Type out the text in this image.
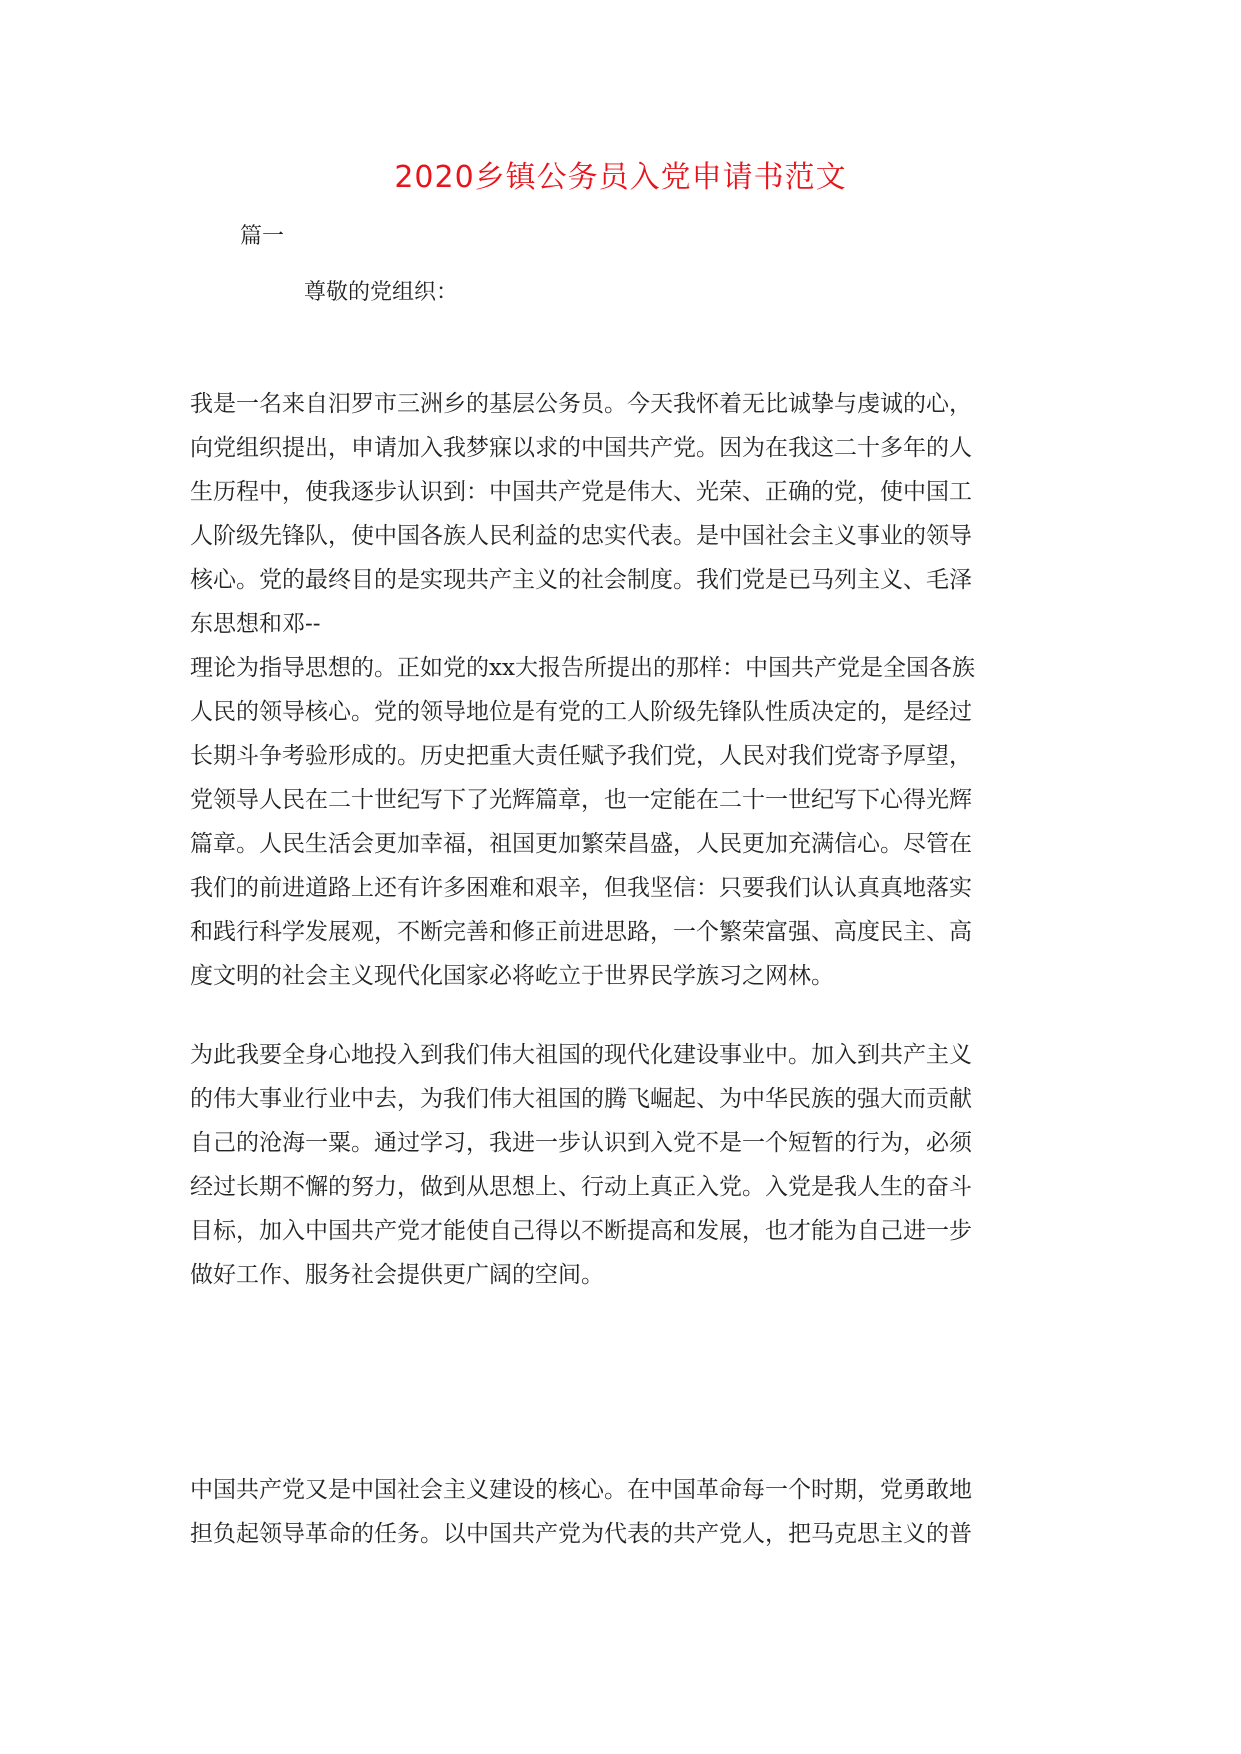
2020乡镇公务员入党申请书范文
篇一
尊敬的党组织：
我是一名来自汨罗市三洲乡的基层公务员。今天我怀着无比诚挚与虔诚的心，
向党组织提出，申请加入我梦寐以求的中国共产党。因为在我这二十多年的人
生历程中，使我逐步认识到：中国共产党是伟大、光荣、正确的党，使中国工
人阶级先锋队，使中国各族人民利益的忠实代表。是中国社会主义事业的领导
核心。党的最终目的是实现共产主义的社会制度。我们党是已马列主义、毛泽
东思想和邓--
理论为指导思想的。正如党的xx大报告所提出的那样：中国共产党是全国各族
人民的领导核心。党的领导地位是有党的工人阶级先锋队性质决定的，是经过
长期斗争考验形成的。历史把重大责任赋予我们党，人民对我们党寄予厚望，
党领导人民在二十世纪写下了光辉篇章，也一定能在二十一世纪写下心得光辉
篇章。人民生活会更加幸福，祖国更加繁荣昌盛，人民更加充满信心。尽管在
我们的前进道路上还有许多困难和艰辛，但我坚信：只要我们认认真真地落实
和践行科学发展观，不断完善和修正前进思路，一个繁荣富强、高度民主、高
度文明的社会主义现代化国家必将屹立于世界民学族习之网林。
为此我要全身心地投入到我们伟大祖国的现代化建设事业中。加入到共产主义
的伟大事业行业中去，为我们伟大祖国的腾飞崛起、为中华民族的强大而贡献
自己的沧海一粟。通过学习，我进一步认识到入党不是一个短暂的行为，必须
经过长期不懈的努力，做到从思想上、行动上真正入党。入党是我人生的奋斗
目标，加入中国共产党才能使自己得以不断提高和发展，也才能为自己进一步
做好工作、服务社会提供更广阔的空间。
中国共产党又是中国社会主义建设的核心。在中国革命每一个时期，党勇敢地
担负起领导革命的任务。以中国共产党为代表的共产党人，把马克思主义的普
